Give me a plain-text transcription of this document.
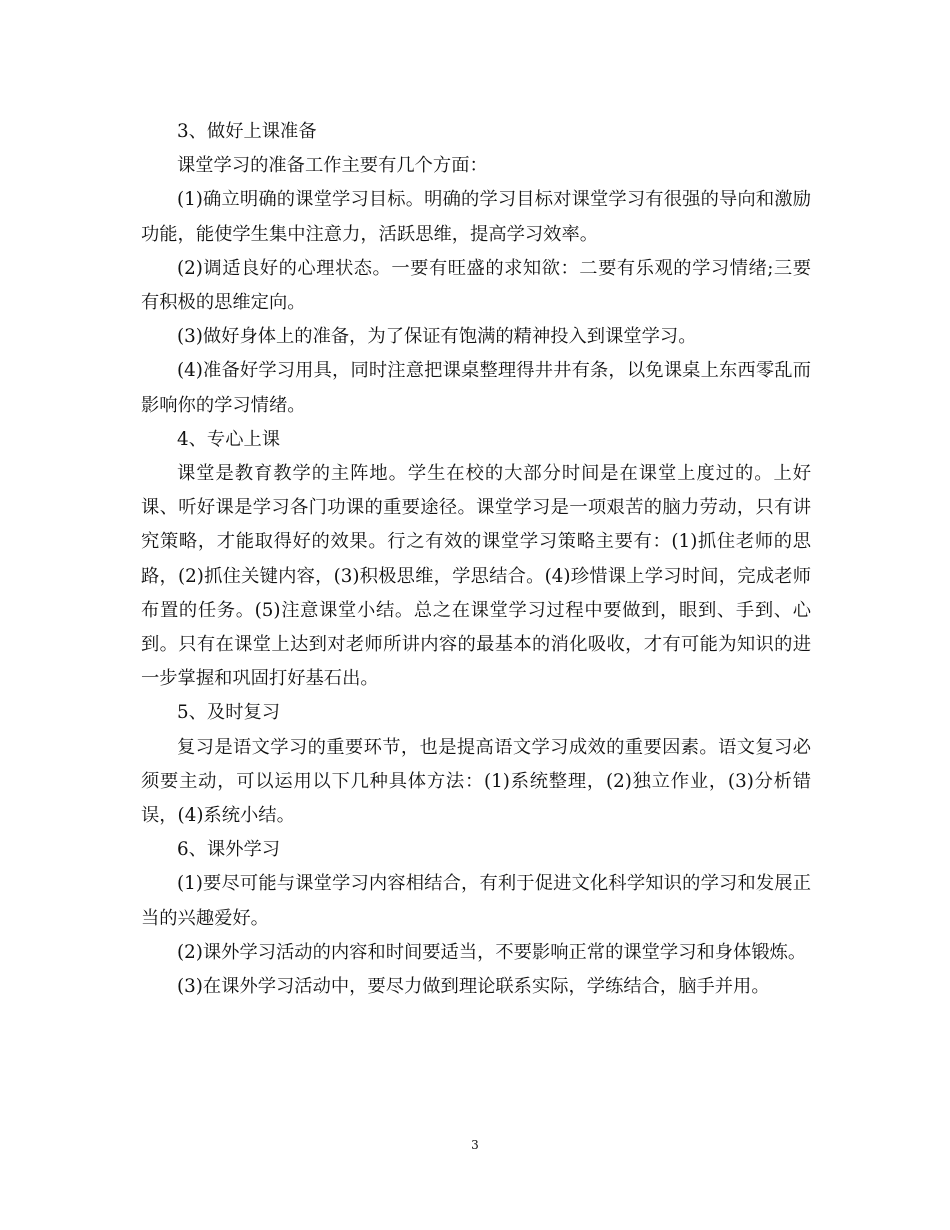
3、做好上课准备

课堂学习的准备工作主要有几个方面：

(1)确立明确的课堂学习目标。明确的学习目标对课堂学习有很强的导向和激励功能，能使学生集中注意力，活跃思维，提高学习效率。

(2)调适良好的心理状态。一要有旺盛的求知欲：二要有乐观的学习情绪;三要有积极的思维定向。

(3)做好身体上的准备，为了保证有饱满的精神投入到课堂学习。

(4)准备好学习用具，同时注意把课桌整理得井井有条，以免课桌上东西零乱而影响你的学习情绪。

4、专心上课

课堂是教育教学的主阵地。学生在校的大部分时间是在课堂上度过的。上好课、听好课是学习各门功课的重要途径。课堂学习是一项艰苦的脑力劳动，只有讲究策略，才能取得好的效果。行之有效的课堂学习策略主要有：(1)抓住老师的思路，(2)抓住关键内容，(3)积极思维，学思结合。(4)珍惜课上学习时间，完成老师布置的任务。(5)注意课堂小结。总之在课堂学习过程中要做到，眼到、手到、心到。只有在课堂上达到对老师所讲内容的最基本的消化吸收，才有可能为知识的进一步掌握和巩固打好基石出。

5、及时复习

复习是语文学习的重要环节，也是提高语文学习成效的重要因素。语文复习必须要主动，可以运用以下几种具体方法：(1)系统整理，(2)独立作业，(3)分析错误，(4)系统小结。

6、课外学习

(1)要尽可能与课堂学习内容相结合，有利于促进文化科学知识的学习和发展正当的兴趣爱好。

(2)课外学习活动的内容和时间要适当，不要影响正常的课堂学习和身体锻炼。

(3)在课外学习活动中，要尽力做到理论联系实际，学练结合，脑手并用。

3
